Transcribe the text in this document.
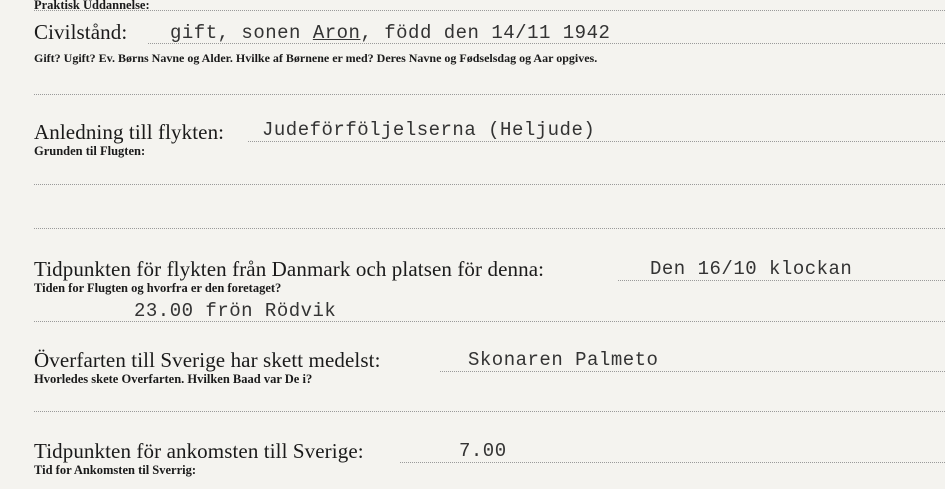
Praktisk Uddannelse:
Civilstånd: gift, sonen Aron, född den 14/11 1942
Gift? Ugift? Ev. Børns Navne og Alder. Hvilke af Børnene er med? Deres Navne og Fødselsdag og Aar opgives.
Anledning till flykten: Judeförföljelserna (Heljude)
Grunden til Flugten:
Tidpunkten för flykten från Danmark och platsen för denna:	Den 16/10 klockan
Tiden for Flugten og hvorfra er den foretaget?
23.00 frön Rödvik
Överfarten till Sverige har skett medelst:	Skonaren Palmeto
Hvorledes skete Overfarten. Hvilken Baad var De i?
Tidpunkten för ankomsten till Sverige:	7.00
Tid for Ankomsten til Sverrig:
